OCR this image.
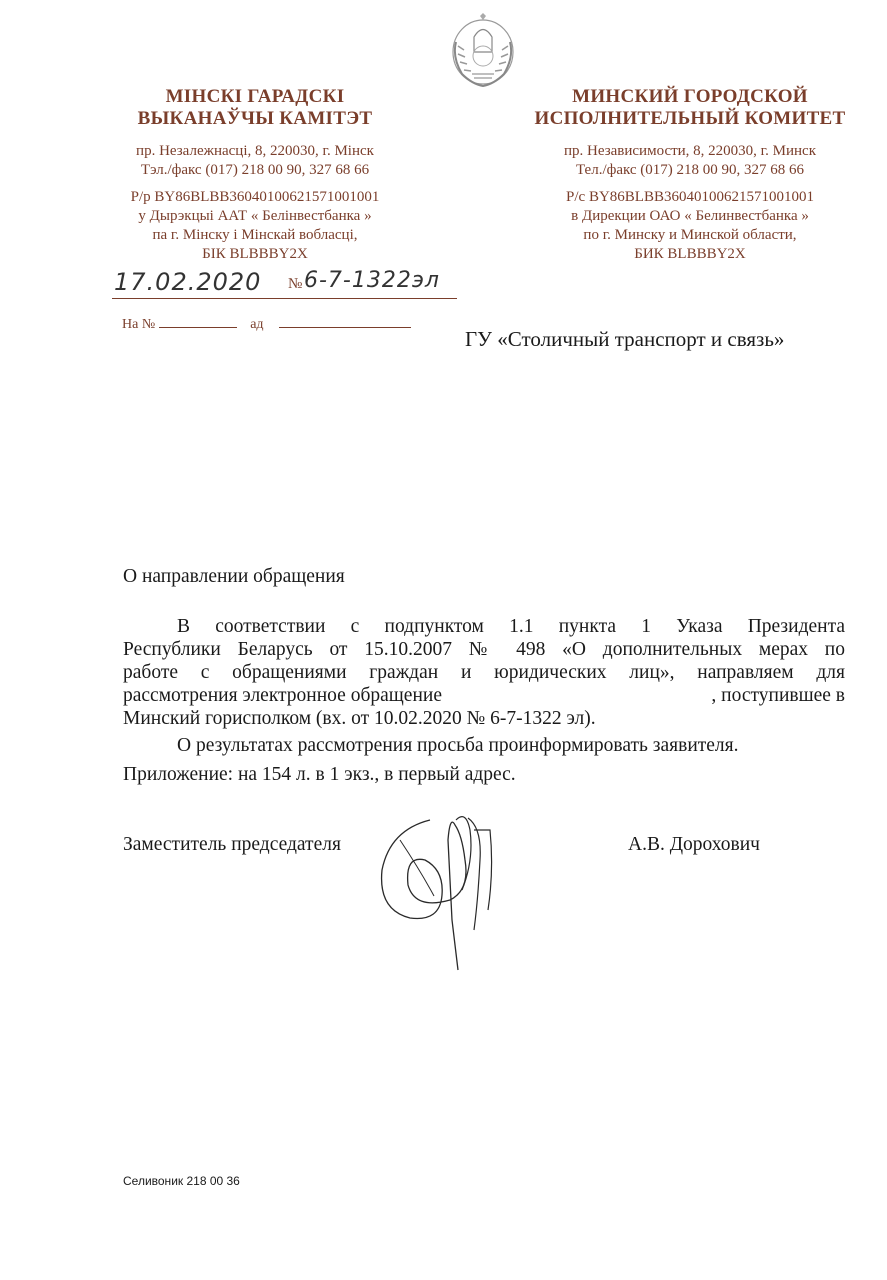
МІНСКІ ГАРАДСКІ
ВЫКАНАЎЧЫ КАМІТЭТ
пр. Незалежнасці, 8, 220030, г. Мінск
Тэл./факс (017) 218 00 90, 327 68 66
Р/р BY86BLBB36040100621571001001
у Дырэкцыі ААТ « Белінвестбанка »
па г. Мінску і Мінскай вобласці,
БІК BLBBBY2X
МИНСКИЙ ГОРОДСКОЙ
ИСПОЛНИТЕЛЬНЫЙ КОМИТЕТ
пр. Независимости, 8, 220030, г. Минск
Тел./факс (017) 218 00 90, 327 68 66
Р/с BY86BLBB36040100621571001001
в Дирекции ОАО « Белинвестбанка »
по г. Минску и Минской области,
БИК BLBBBY2X
17.02.2020 № 6-7-1322эл
На №	ад
ГУ «Столичный транспорт и связь»
О направлении обращения
В соответствии с подпунктом 1.1 пункта 1 Указа Президента
Республики Беларусь от 15.10.2007 № 498 «О дополнительных мерах по
работе с обращениями граждан и юридических лиц», направляем для
рассмотрения электронное обращение	, поступившее в
Минский горисполком (вх. от 10.02.2020 № 6-7-1322 эл).
О результатах рассмотрения просьба проинформировать заявителя.
Приложение: на 154 л. в 1 экз., в первый адрес.
Заместитель председателя	А.В. Дорохович
Селивоник 218 00 36
